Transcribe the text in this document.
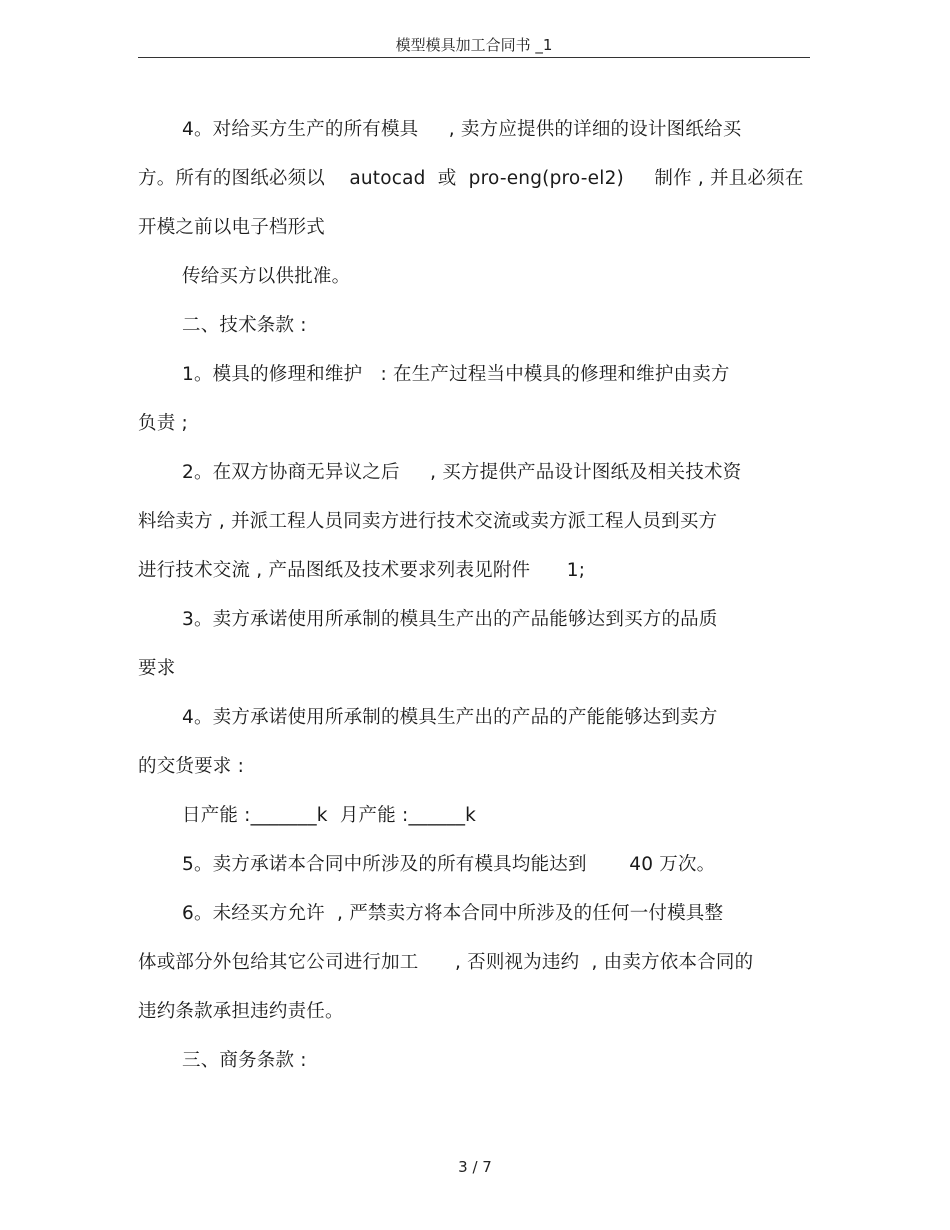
模型模具加工合同书 _1
4。对给买方生产的所有模具     , 卖方应提供的详细的设计图纸给买
方。所有的图纸必须以    autocad  或  pro-eng(pro-el2)     制作 , 并且必须在
开模之前以电子档形式
传给买方以供批准。
二、技术条款 :
1。模具的修理和维护   : 在生产过程当中模具的修理和维护由卖方
负责 ;
2。在双方协商无异议之后     , 买方提供产品设计图纸及相关技术资
料给卖方 , 并派工程人员同卖方进行技术交流或卖方派工程人员到买方
进行技术交流 , 产品图纸及技术要求列表见附件      1;
3。卖方承诺使用所承制的模具生产出的产品能够达到买方的品质
要求
4。卖方承诺使用所承制的模具生产出的产品的产能能够达到卖方
的交货要求 :
日产能 :_______k  月产能 :______k
5。卖方承诺本合同中所涉及的所有模具均能达到       40 万次。
6。未经买方允许  , 严禁卖方将本合同中所涉及的任何一付模具整
体或部分外包给其它公司进行加工      , 否则视为违约  , 由卖方依本合同的
违约条款承担违约责任。
三、商务条款 :
3 / 7
